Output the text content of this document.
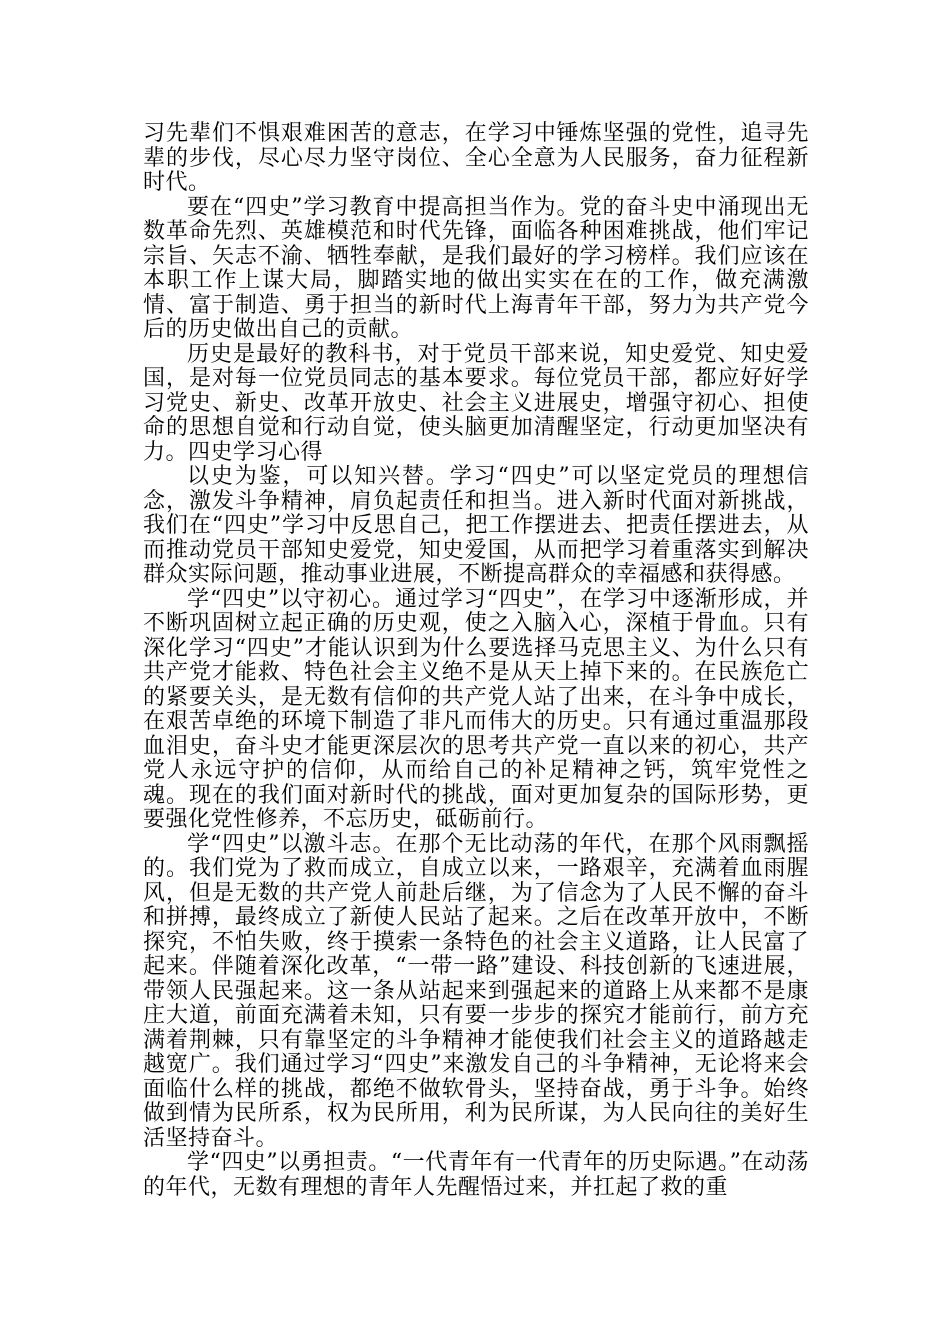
习先辈们不惧艰难困苦的意志，在学习中锤炼坚强的党性，追寻先辈的步伐，尽心尽力坚守岗位、全心全意为人民服务，奋力征程新时代。

要在“四史”学习教育中提高担当作为。党的奋斗史中涌现出无数革命先烈、英雄模范和时代先锋，面临各种困难挑战，他们牢记宗旨、矢志不渝、牺牲奉献，是我们最好的学习榜样。我们应该在本职工作上谋大局，脚踏实地的做出实实在在的工作，做充满激情、富于制造、勇于担当的新时代上海青年干部，努力为共产党今后的历史做出自己的贡献。

历史是最好的教科书，对于党员干部来说，知史爱党、知史爱国，是对每一位党员同志的基本要求。每位党员干部，都应好好学习党史、新史、改革开放史、社会主义进展史，增强守初心、担使命的思想自觉和行动自觉，使头脑更加清醒坚定，行动更加坚决有力。四史学习心得

以史为鉴，可以知兴替。学习“四史”可以坚定党员的理想信念，激发斗争精神，肩负起责任和担当。进入新时代面对新挑战，我们在“四史”学习中反思自己，把工作摆进去、把责任摆进去，从而推动党员干部知史爱党，知史爱国，从而把学习着重落实到解决群众实际问题，推动事业进展，不断提高群众的幸福感和获得感。

学“四史”以守初心。通过学习“四史”，在学习中逐渐形成，并不断巩固树立起正确的历史观，使之入脑入心，深植于骨血。只有深化学习“四史”才能认识到为什么要选择马克思主义、为什么只有共产党才能救、特色社会主义绝不是从天上掉下来的。在民族危亡的紧要关头，是无数有信仰的共产党人站了出来，在斗争中成长，在艰苦卓绝的环境下制造了非凡而伟大的历史。只有通过重温那段血泪史，奋斗史才能更深层次的思考共产党一直以来的初心，共产党人永远守护的信仰，从而给自己的补足精神之钙，筑牢党性之魂。现在的我们面对新时代的挑战，面对更加复杂的国际形势，更要强化党性修养，不忘历史，砥砺前行。

学“四史”以激斗志。在那个无比动荡的年代，在那个风雨飘摇的。我们党为了救而成立，自成立以来，一路艰辛，充满着血雨腥风，但是无数的共产党人前赴后继，为了信念为了人民不懈的奋斗和拼搏，最终成立了新使人民站了起来。之后在改革开放中，不断探究，不怕失败，终于摸索一条特色的社会主义道路，让人民富了起来。伴随着深化改革，“一带一路”建设、科技创新的飞速进展，带领人民强起来。这一条从站起来到强起来的道路上从来都不是康庄大道，前面充满着未知，只有要一步步的探究才能前行，前方充满着荆棘，只有靠坚定的斗争精神才能使我们社会主义的道路越走越宽广。我们通过学习“四史”来激发自己的斗争精神，无论将来会面临什么样的挑战，都绝不做软骨头，坚持奋战，勇于斗争。始终做到情为民所系，权为民所用，利为民所谋，为人民向往的美好生活坚持奋斗。

学“四史”以勇担责。“一代青年有一代青年的历史际遇。”在动荡的年代，无数有理想的青年人先醒悟过来，并扛起了救的重
